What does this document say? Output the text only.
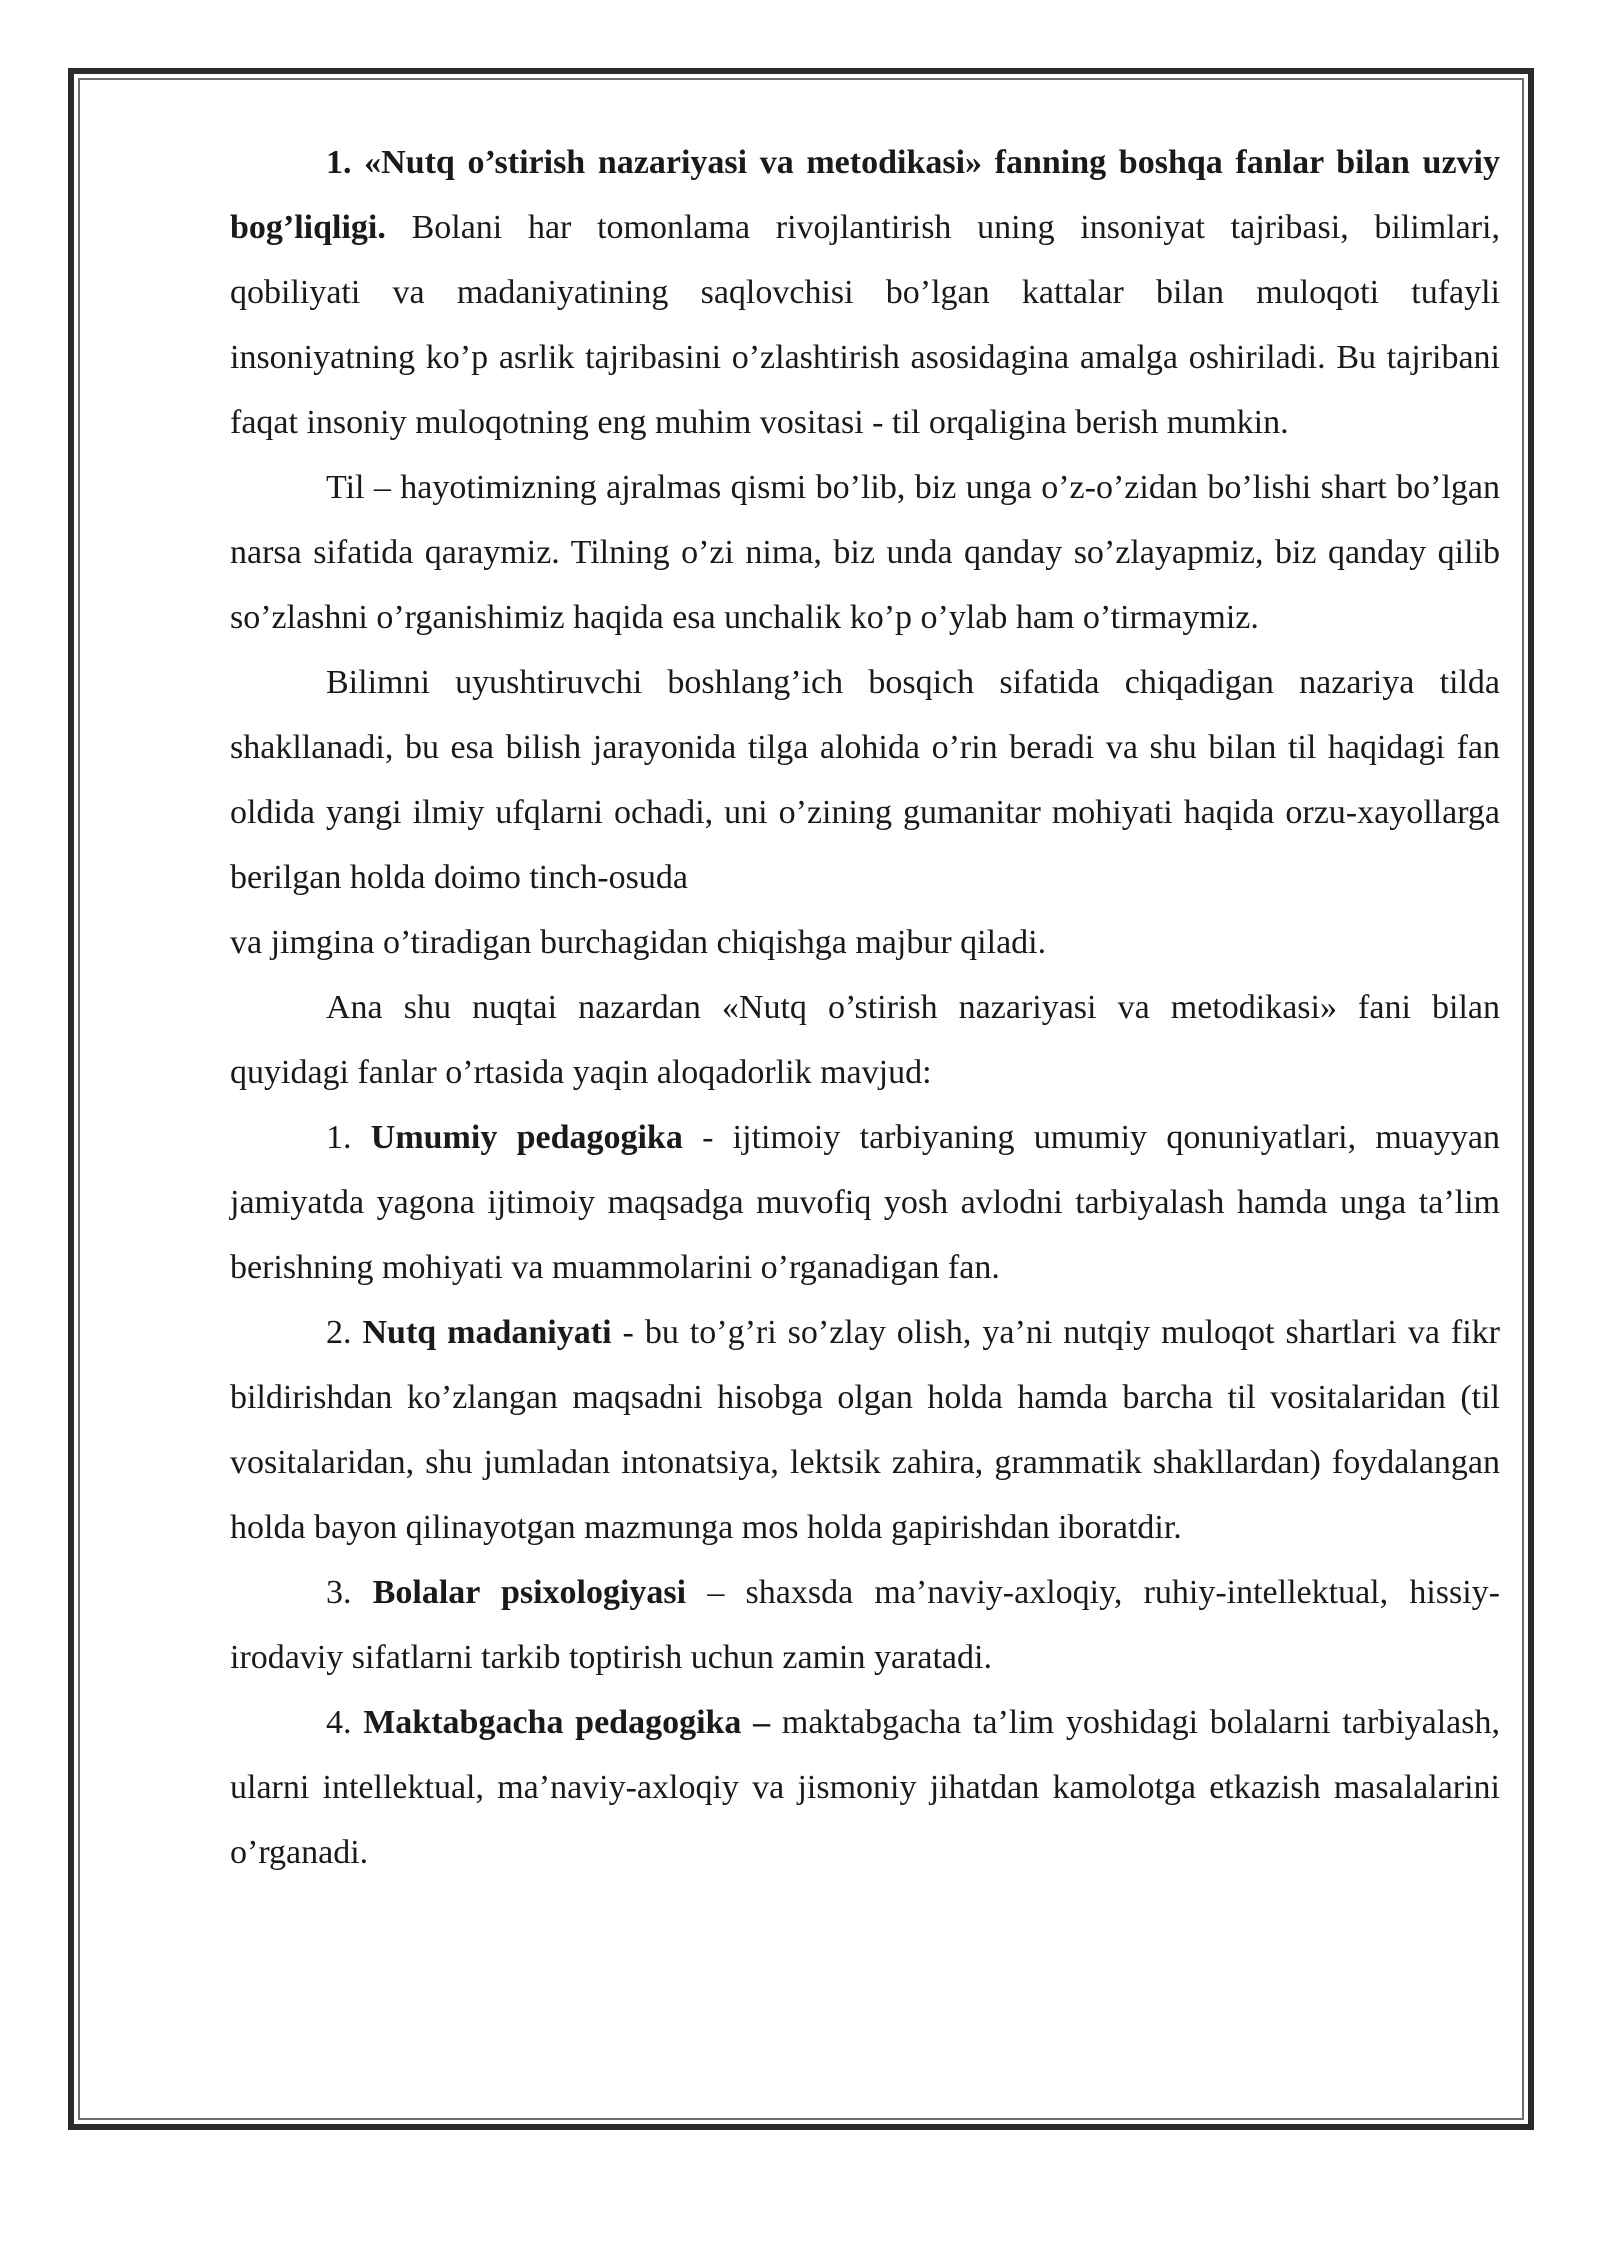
1. «Nutq o’stirish nazariyasi va metodikasi» fanning boshqa fanlar bilan uzviy bog’liqligi. Bolani har tomonlama rivojlantirish uning insoniyat tajribasi, bilimlari, qobiliyati va madaniyatining saqlovchisi bo’lgan kattalar bilan muloqoti tufayli insoniyatning ko’p asrlik tajribasini o’zlashtirish asosidagina amalga oshiriladi. Bu tajribani faqat insoniy muloqotning eng muhim vositasi - til orqaligina berish mumkin.

Til – hayotimizning ajralmas qismi bo’lib, biz unga o’z-o’zidan bo’lishi shart bo’lgan narsa sifatida qaraymiz. Tilning o’zi nima, biz unda qanday so’zlayapmiz, biz qanday qilib so’zlashni o’rganishimiz haqida esa unchalik ko’p o’ylab ham o’tirmaymiz.

Bilimni uyushtiruvchi boshlang’ich bosqich sifatida chiqadigan nazariya tilda shakllanadi, bu esa bilish jarayonida tilga alohida o’rin beradi va shu bilan til haqidagi fan oldida yangi ilmiy ufqlarni ochadi, uni o’zining gumanitar mohiyati haqida orzu-xayollarga berilgan holda doimo tinch-osuda

va jimgina o’tiradigan burchagidan chiqishga majbur qiladi.

Ana shu nuqtai nazardan «Nutq o’stirish nazariyasi va metodikasi» fani bilan quyidagi fanlar o’rtasida yaqin aloqadorlik mavjud:

1. Umumiy pedagogika - ijtimoiy tarbiyaning umumiy qonuniyatlari, muayyan jamiyatda yagona ijtimoiy maqsadga muvofiq yosh avlodni tarbiyalash hamda unga ta’lim berishning mohiyati va muammolarini o’rganadigan fan.

2. Nutq madaniyati - bu to’g’ri so’zlay olish, ya’ni nutqiy muloqot shartlari va fikr bildirishdan ko’zlangan maqsadni hisobga olgan holda hamda barcha til vositalaridan (til vositalaridan, shu jumladan intonatsiya, lektsik zahira, grammatik shakllardan) foydalangan holda bayon qilinayotgan mazmunga mos holda gapirishdan iboratdir.

3. Bolalar psixologiyasi – shaxsda ma’naviy-axloqiy, ruhiy-intellektual, hissiy-irodaviy sifatlarni tarkib toptirish uchun zamin yaratadi.

4. Maktabgacha pedagogika – maktabgacha ta’lim yoshidagi bolalarni tarbiyalash, ularni intellektual, ma’naviy-axloqiy va jismoniy jihatdan kamolotga etkazish masalalarini o’rganadi.
